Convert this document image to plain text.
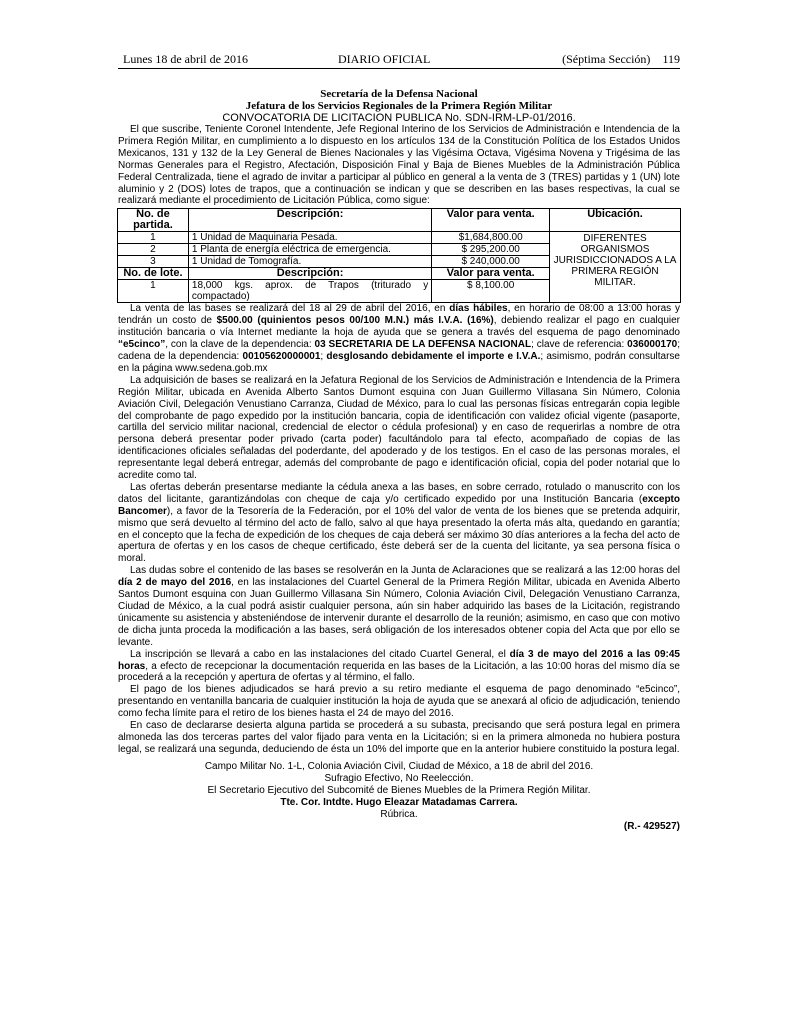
Lunes 18 de abril de 2016	DIARIO OFICIAL	(Séptima Sección) 119
Secretaría de la Defensa Nacional
Jefatura de los Servicios Regionales de la Primera Región Militar
CONVOCATORIA DE LICITACION PUBLICA No. SDN-IRM-LP-01/2016.

El que suscribe, Teniente Coronel Intendente, Jefe Regional Interino de los Servicios de Administración e Intendencia de la Primera Región Militar, en cumplimiento a lo dispuesto en los artículos 134 de la Constitución Política de los Estados Unidos Mexicanos, 131 y 132 de la Ley General de Bienes Nacionales y las Vigésima Octava, Vigésima Novena y Trigésima de las Normas Generales para el Registro, Afectación, Disposición Final y Baja de Bienes Muebles de la Administración Pública Federal Centralizada, tiene el agrado de invitar a participar al público en general a la venta de 3 (TRES) partidas y 1 (UN) lote aluminio y 2 (DOS) lotes de trapos, que a continuación se indican y que se describen en las bases respectivas, la cual se realizará mediante el procedimiento de Licitación Pública, como sigue:

No. de partida.	Descripción:	Valor para venta.	Ubicación.
1	1 Unidad de Maquinaria Pesada.	$1,684,800.00	DIFERENTES ORGANISMOS JURISDICCIONADOS A LA PRIMERA REGIÓN MILITAR.
2	1 Planta de energía eléctrica de emergencia.	$ 295,200.00	
3	1 Unidad de Tomografía.	$ 240,000.00	
No. de lote.	Descripción:	Valor para venta.	
1	18,000 kgs. aprox. de Trapos (triturado y compactado)	$ 8,100.00	

La venta de las bases se realizará del 18 al 29 de abril del 2016, en días hábiles, en horario de 08:00 a 13:00 horas y tendrán un costo de $500.00 (quinientos pesos 00/100 M.N.) más I.V.A. (16%), debiendo realizar el pago en cualquier institución bancaria o vía Internet mediante la hoja de ayuda que se genera a través del esquema de pago denominado “e5cinco”, con la clave de la dependencia: 03 SECRETARIA DE LA DEFENSA NACIONAL; clave de referencia: 036000170; cadena de la dependencia: 00105620000001; desglosando debidamente el importe e I.V.A.; asimismo, podrán consultarse en la página www.sedena.gob.mx

La adquisición de bases se realizará en la Jefatura Regional de los Servicios de Administración e Intendencia de la Primera Región Militar, ubicada en Avenida Alberto Santos Dumont esquina con Juan Guillermo Villasana Sin Número, Colonia Aviación Civil, Delegación Venustiano Carranza, Ciudad de México, para lo cual las personas físicas entregarán copia legible del comprobante de pago expedido por la institución bancaria, copia de identificación con validez oficial vigente (pasaporte, cartilla del servicio militar nacional, credencial de elector o cédula profesional) y en caso de requerirlas a nombre de otra persona deberá presentar poder privado (carta poder) facultándolo para tal efecto, acompañado de copias de las identificaciones oficiales señaladas del poderdante, del apoderado y de los testigos. En el caso de las personas morales, el representante legal deberá entregar, además del comprobante de pago e identificación oficial, copia del poder notarial que lo acredite como tal.

Las ofertas deberán presentarse mediante la cédula anexa a las bases, en sobre cerrado, rotulado o manuscrito con los datos del licitante, garantizándolas con cheque de caja y/o certificado expedido por una Institución Bancaria (excepto Bancomer), a favor de la Tesorería de la Federación, por el 10% del valor de venta de los bienes que se pretenda adquirir, mismo que será devuelto al término del acto de fallo, salvo al que haya presentado la oferta más alta, quedando en garantía; en el concepto que la fecha de expedición de los cheques de caja deberá ser máximo 30 días anteriores a la fecha del acto de apertura de ofertas y en los casos de cheque certificado, éste deberá ser de la cuenta del licitante, ya sea persona física o moral.

Las dudas sobre el contenido de las bases se resolverán en la Junta de Aclaraciones que se realizará a las 12:00 horas del día 2 de mayo del 2016, en las instalaciones del Cuartel General de la Primera Región Militar, ubicada en Avenida Alberto Santos Dumont esquina con Juan Guillermo Villasana Sin Número, Colonia Aviación Civil, Delegación Venustiano Carranza, Ciudad de México, a la cual podrá asistir cualquier persona, aún sin haber adquirido las bases de la Licitación, registrando únicamente su asistencia y absteniéndose de intervenir durante el desarrollo de la reunión; asimismo, en caso que con motivo de dicha junta proceda la modificación a las bases, será obligación de los interesados obtener copia del Acta que por ello se levante.

La inscripción se llevará a cabo en las instalaciones del citado Cuartel General, el día 3 de mayo del 2016 a las 09:45 horas, a efecto de recepcionar la documentación requerida en las bases de la Licitación, a las 10:00 horas del mismo día se procederá a la recepción y apertura de ofertas y al término, el fallo.

El pago de los bienes adjudicados se hará previo a su retiro mediante el esquema de pago denominado “e5cinco”, presentando en ventanilla bancaria de cualquier institución la hoja de ayuda que se anexará al oficio de adjudicación, teniendo como fecha límite para el retiro de los bienes hasta el 24 de mayo del 2016.

En caso de declararse desierta alguna partida se procederá a su subasta, precisando que será postura legal en primera almoneda las dos terceras partes del valor fijado para venta en la Licitación; si en la primera almoneda no hubiera postura legal, se realizará una segunda, deduciendo de ésta un 10% del importe que en la anterior hubiere constituido la postura legal.

Campo Militar No. 1-L, Colonia Aviación Civil, Ciudad de México, a 18 de abril del 2016.
Sufragio Efectivo, No Reelección.
El Secretario Ejecutivo del Subcomité de Bienes Muebles de la Primera Región Militar.
Tte. Cor. Intdte. Hugo Eleazar Matadamas Carrera.
Rúbrica.
(R.- 429527)
